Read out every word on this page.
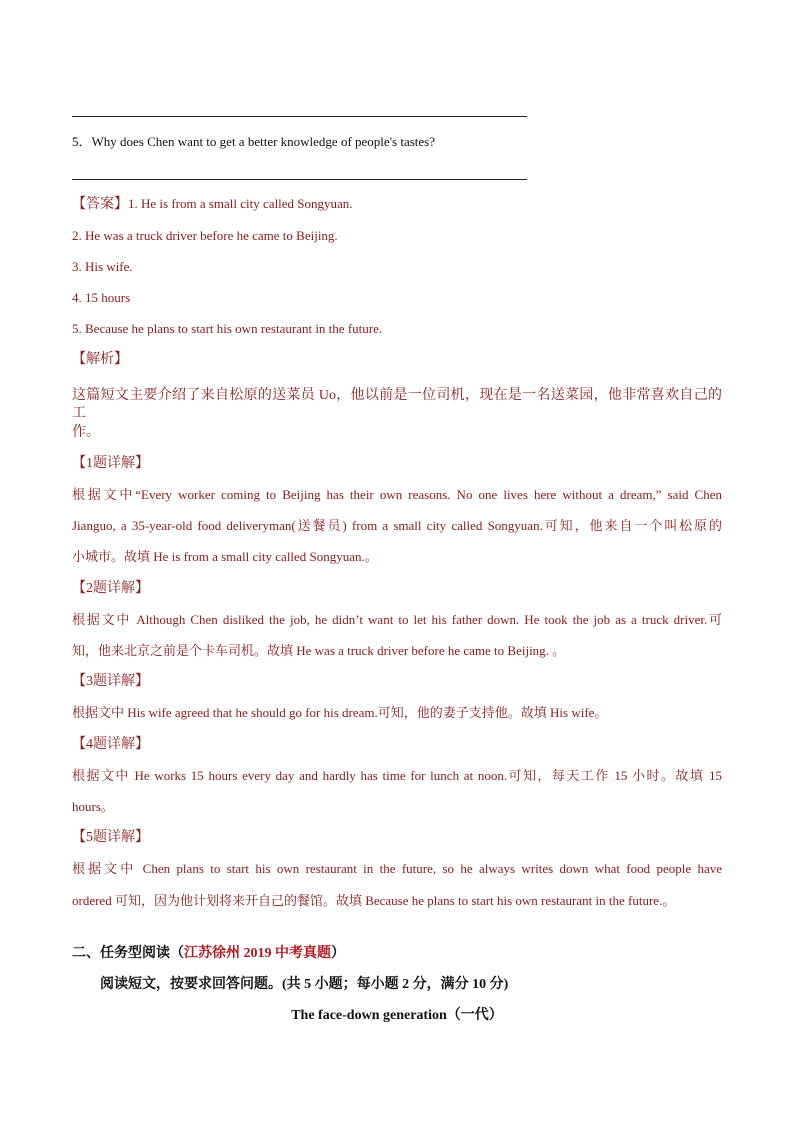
5．Why does Chen want to get a better knowledge of people's tastes?
【答案】1. He is from a small city called Songyuan.
2. He was a truck driver before he came to Beijing.
3. His wife.
4. 15 hours
5. Because he plans to start his own restaurant in the future.
【解析】
这篇短文主要介绍了来自松原的送菜员 Uo，他以前是一位司机，现在是一名送菜园，他非常喜欢自己的工
作。
【1题详解】
根据文中“Every worker coming to Beijing has their own reasons. No one lives here without a dream,” said Chen
Jianguo, a 35-year-old food deliveryman(送餐员) from a small city called Songyuan.可知，他来自一个叫松原的
小城市。故填 He is from a small city called Songyuan.。
【2题详解】
根据文中 Although Chen disliked the job, he didn’t want to let his father down. He took the job as a truck driver.可
知，他来北京之前是个卡车司机。故填 He was a truck driver before he came to Beijing. 。
【3题详解】
根据文中 His wife agreed that he should go for his dream.可知，他的妻子支持他。故填 His wife。
【4题详解】
根据文中 He works 15 hours every day and hardly has time for lunch at noon.可知，每天工作 15 小时。故填 15
hours。
【5题详解】
根据文中 Chen plans to start his own restaurant in the future, so he always writes down what food people have
ordered 可知，因为他计划将来开自己的餐馆。故填 Because he plans to start his own restaurant in the future.。
二、任务型阅读（江苏徐州 2019 中考真题）
阅读短文，按要求回答问题。(共 5 小题；每小题 2 分，满分 10 分)
The face-down generation（一代）
